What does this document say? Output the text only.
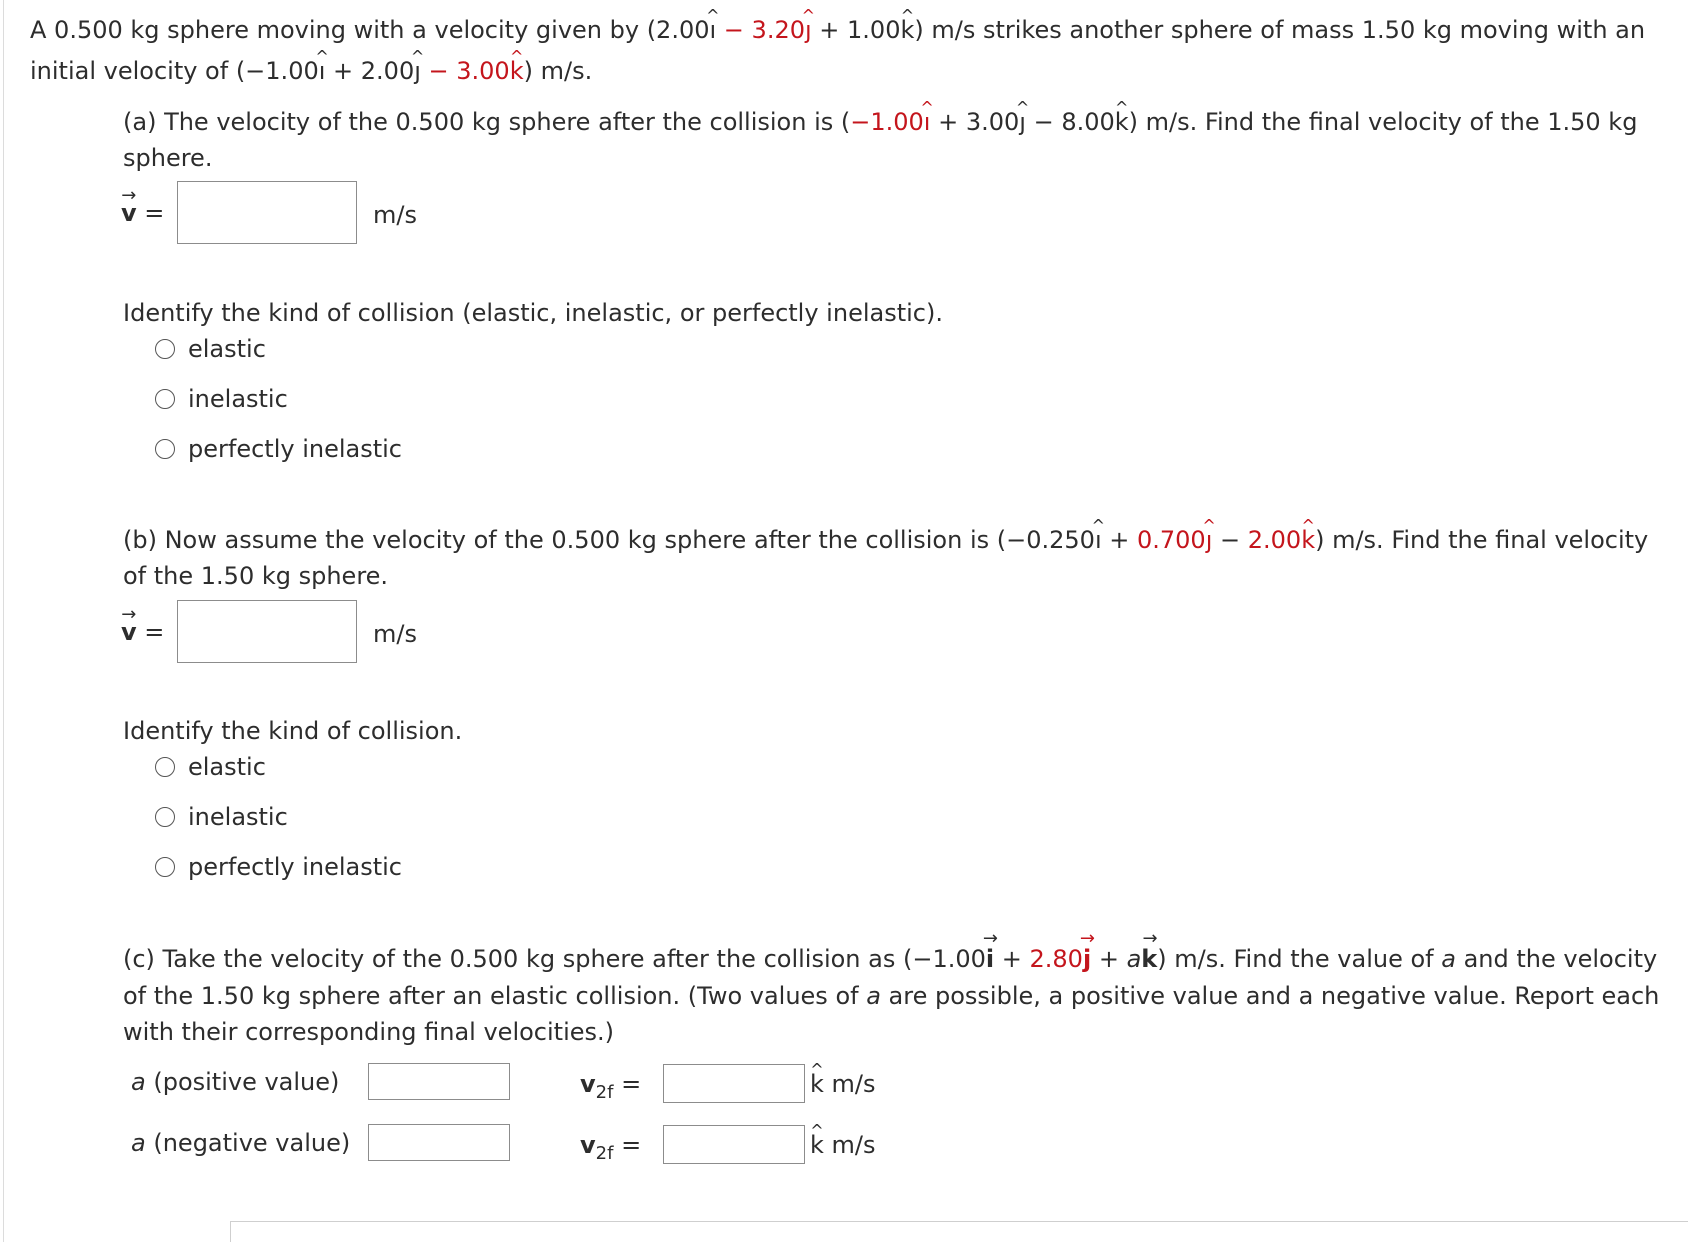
A 0.500 kg sphere moving with a velocity given by (2.00^ ı − 3.20^ ȷ + 1.00^ k) m/s strikes another sphere of mass 1.50 kg moving with an
initial velocity of (−1.00^ ı + 2.00^ ȷ − 3.00^ k) m/s.
(a) The velocity of the 0.500 kg sphere after the collision is (−1.00^ ı + 3.00^ ȷ − 8.00^ k) m/s. Find the final velocity of the 1.50 kg
sphere.
→ v =	m/s
Identify the kind of collision (elastic, inelastic, or perfectly inelastic).
elastic
inelastic
perfectly inelastic
(b) Now assume the velocity of the 0.500 kg sphere after the collision is (−0.250^ ı + 0.700^ ȷ − 2.00^ k) m/s. Find the final velocity
of the 1.50 kg sphere.
→ v =	m/s
Identify the kind of collision.
elastic
inelastic
perfectly inelastic
(c) Take the velocity of the 0.500 kg sphere after the collision as (−1.00→ i + 2.80→ j + a→ k) m/s. Find the value of a and the velocity
of the 1.50 kg sphere after an elastic collision. (Two values of a are possible, a positive value and a negative value. Report each
with their corresponding final velocities.)
a (positive value)	$v_{2f}$ =	^ k m/s
a (negative value)	$v_{2f}$ =	^ k m/s
